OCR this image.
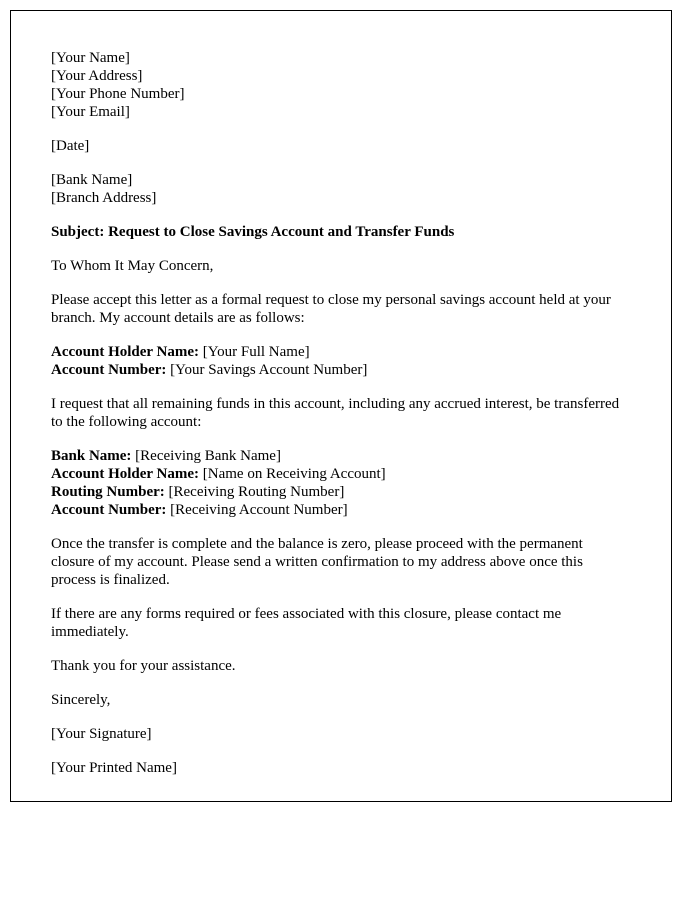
[Your Name]
[Your Address]
[Your Phone Number]
[Your Email]
[Date]
[Bank Name]
[Branch Address]

Subject: Request to Close Savings Account and Transfer Funds

To Whom It May Concern,

Please accept this letter as a formal request to close my personal savings account held at your branch. My account details are as follows:

Account Holder Name: [Your Full Name]
Account Number: [Your Savings Account Number]

I request that all remaining funds in this account, including any accrued interest, be transferred to the following account:

Bank Name: [Receiving Bank Name]
Account Holder Name: [Name on Receiving Account]
Routing Number: [Receiving Routing Number]
Account Number: [Receiving Account Number]

Once the transfer is complete and the balance is zero, please proceed with the permanent closure of my account. Please send a written confirmation to my address above once this process is finalized.

If there are any forms required or fees associated with this closure, please contact me immediately.

Thank you for your assistance.

Sincerely,

[Your Signature]

[Your Printed Name]
